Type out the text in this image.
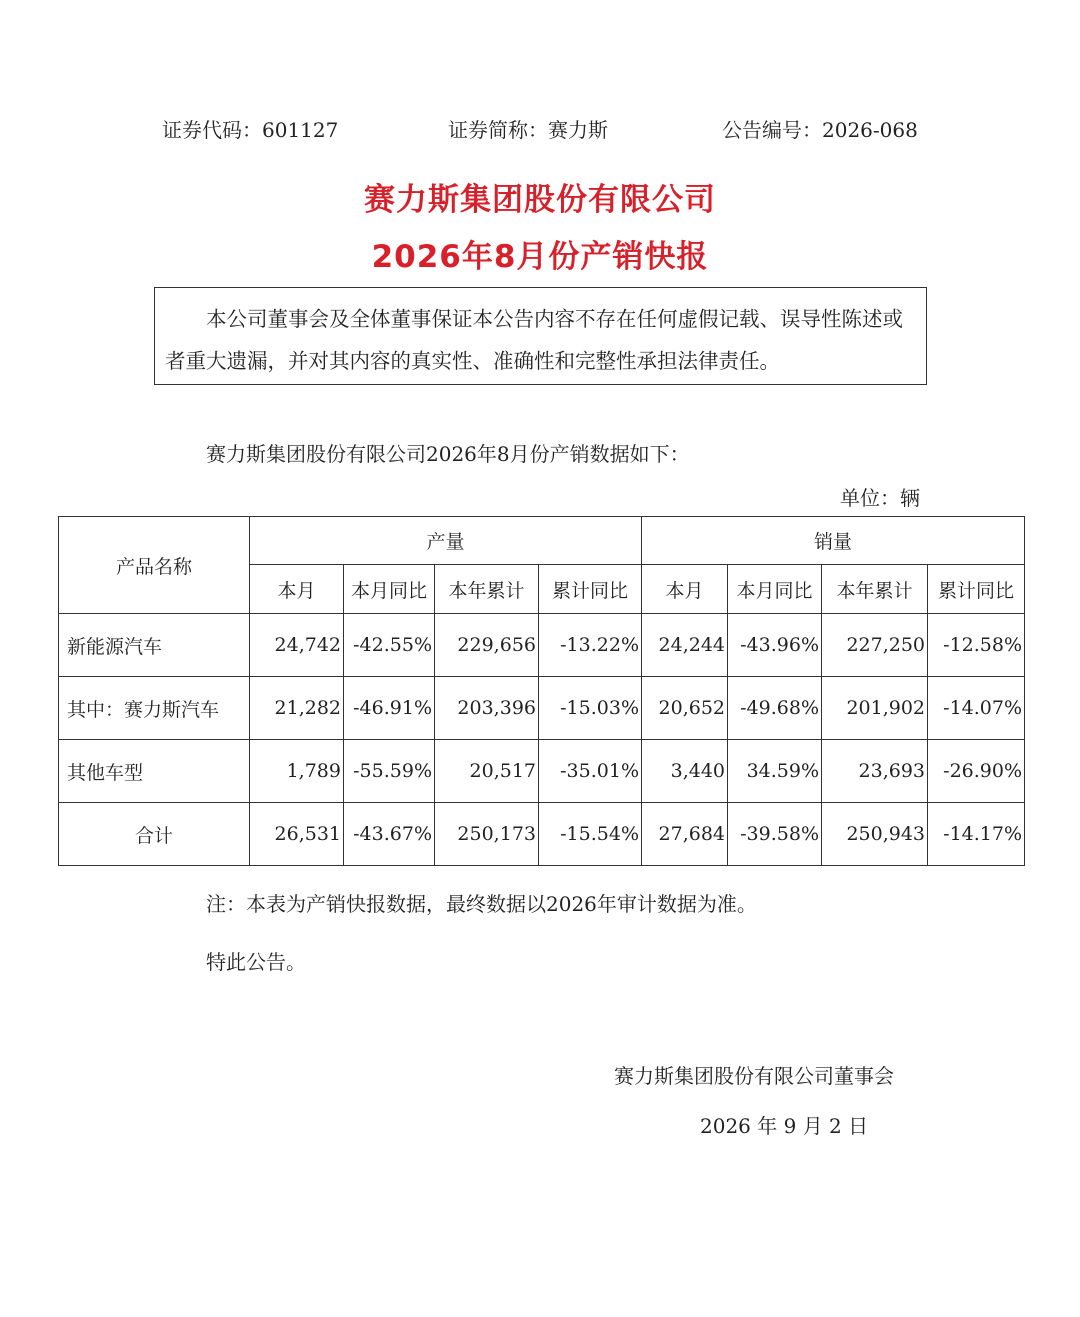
证券代码：601127	证券简称：赛力斯	公告编号：2026-068
赛力斯集团股份有限公司
2026年8月份产销快报

本公司董事会及全体董事保证本公告内容不存在任何虚假记载、误导性陈述或者重大遗漏，并对其内容的真实性、准确性和完整性承担法律责任。

赛力斯集团股份有限公司2026年8月份产销数据如下：
单位：辆
产品名称	产量				销量			
	本月	本月同比	本年累计	累计同比	本月	本月同比	本年累计	累计同比
新能源汽车	24,742	-42.55%	229,656	-13.22%	24,244	-43.96%	227,250	-12.58%
其中：赛力斯汽车	21,282	-46.91%	203,396	-15.03%	20,652	-49.68%	201,902	-14.07%
其他车型	1,789	-55.59%	20,517	-35.01%	3,440	34.59%	23,693	-26.90%
合计	26,531	-43.67%	250,173	-15.54%	27,684	-39.58%	250,943	-14.17%
注：本表为产销快报数据，最终数据以2026年审计数据为准。
特此公告。
赛力斯集团股份有限公司董事会
2026 年 9 月 2 日
